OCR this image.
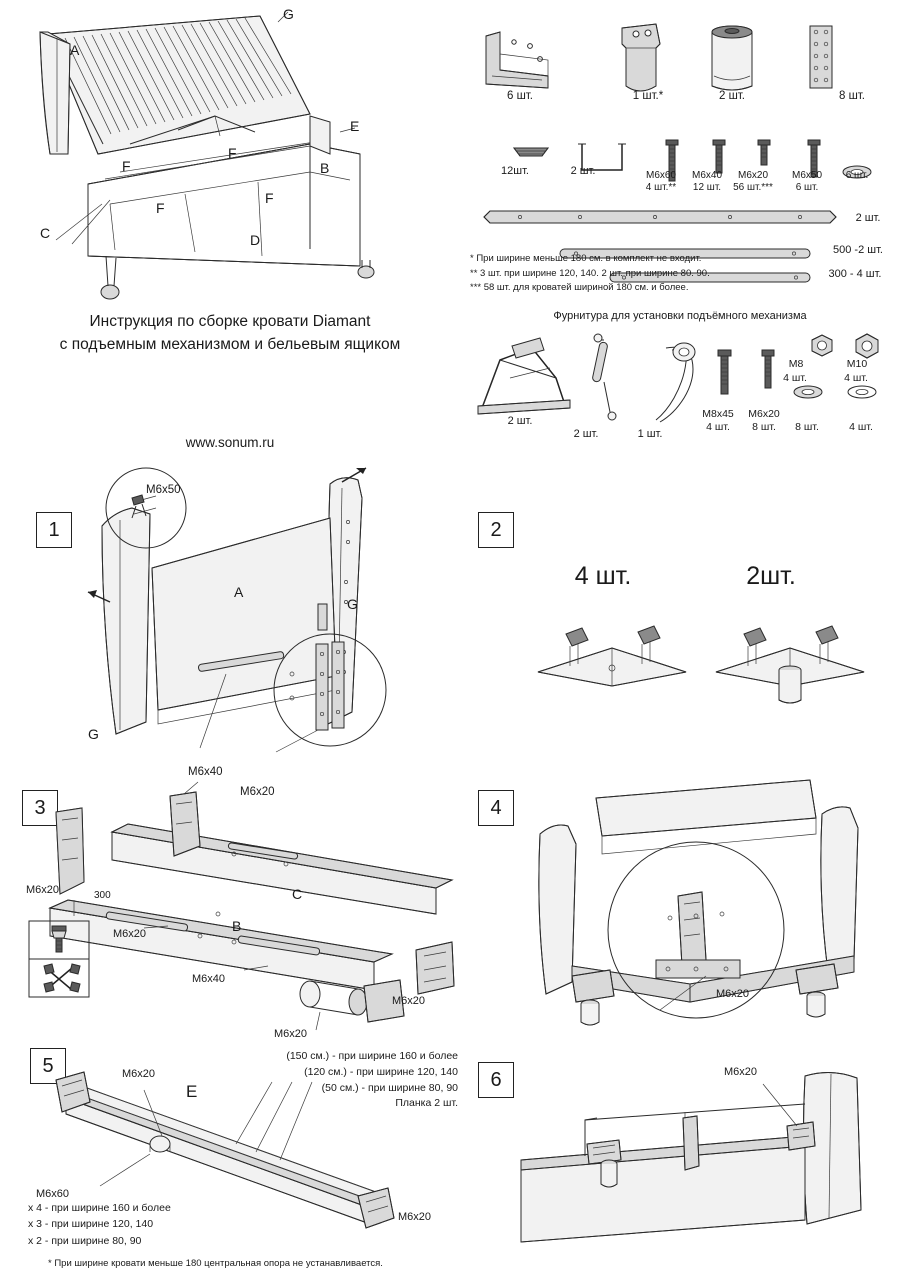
A
G
E
B
C	D
F
F
F
F
Инструкция по сборке кровати Diamant
с подъемным механизмом и бельевым ящиком
www.sonum.ru
6 шт.	1 шт.*	2 шт.	8 шт.
12шт.	2 шт.	M6x60
4 шт.**
M6x40
12 шт.
M6x20
56 шт.***
M6x50
6 шт.
6 шт.
2 шт.
500 -2 шт.
300 - 4 шт.
* При ширине меньше 180 см. в комплект не входит.
** 3 шт. при ширине 120, 140. 2 шт. при ширине 80. 90.
*** 58 шт. для кроватей шириной 180 см. и более.
Фурнитура для установки подъёмного механизма
2 шт.
2 шт.	1 шт.
M8x45
4 шт.
M6x20
8 шт.
M8
4 шт.
M10
4 шт.
8 шт.	4 шт.
1
M6x50
A
G
G
M6x40
M6x20
2
4 шт.	2шт.
3
M6x20	300
M6x20	B
C
M6x40
M6x20
M6x20
4
M6x20
5	M6x20
E
M6x60
M6x20
(150 см.) - при ширине 160 и более
(120 см.) - при ширине 120, 140
(50 см.) - при ширине 80, 90
Планка 2 шт.
x 4 - при ширине 160 и более
x 3 - при ширине 120, 140
x 2 - при ширине 80, 90
* При ширине кровати меньше 180 центральная опора не устанавливается.
6	M6x20
